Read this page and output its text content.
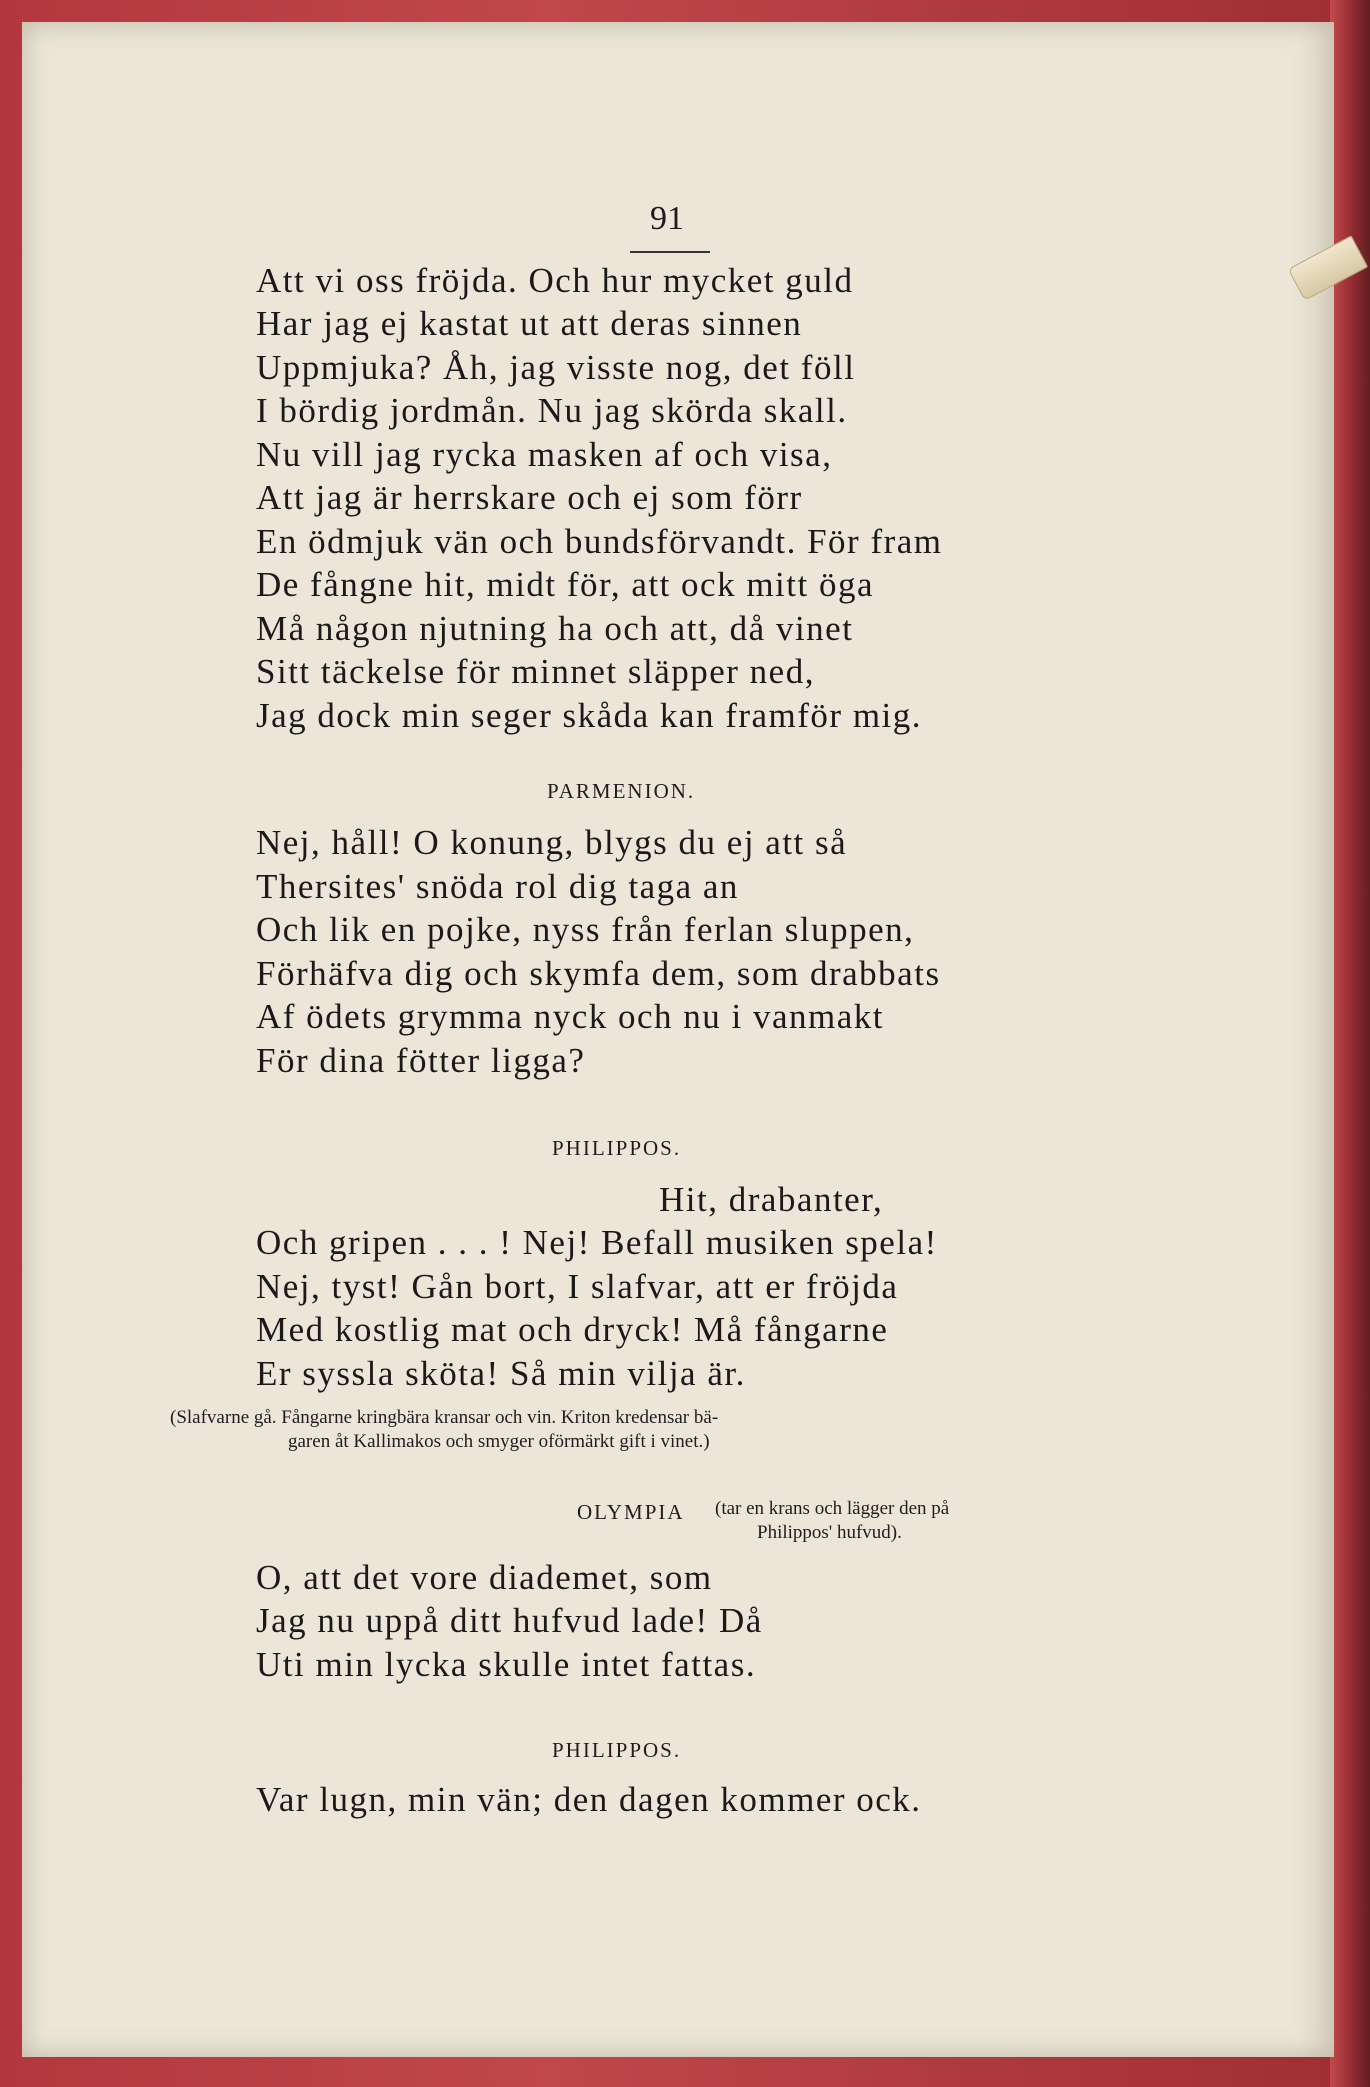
91
Att vi oss fröjda. Och hur mycket guld
Har jag ej kastat ut att deras sinnen
Uppmjuka? Åh, jag visste nog, det föll
I bördig jordmån. Nu jag skörda skall.
Nu vill jag rycka masken af och visa,
Att jag är herrskare och ej som förr
En ödmjuk vän och bundsförvandt. För fram
De fångne hit, midt för, att ock mitt öga
Må någon njutning ha och att, då vinet
Sitt täckelse för minnet släpper ned,
Jag dock min seger skåda kan framför mig.
PARMENION.
Nej, håll! O konung, blygs du ej att så
Thersites' snöda rol dig taga an
Och lik en pojke, nyss från ferlan sluppen,
Förhäfva dig och skymfa dem, som drabbats
Af ödets grymma nyck och nu i vanmakt
För dina fötter ligga?
PHILIPPOS.
Hit, drabanter,
Och gripen . . . ! Nej! Befall musiken spela!
Nej, tyst! Gån bort, I slafvar, att er fröjda
Med kostlig mat och dryck! Må fångarne
Er syssla sköta! Så min vilja är.
(Slafvarne gå. Fångarne kringbära kransar och vin. Kriton kredensar bä-
garen åt Kallimakos och smyger oförmärkt gift i vinet.)
OLYMPIA (tar en krans och lägger den på
Philippos' hufvud).
O, att det vore diademet, som
Jag nu uppå ditt hufvud lade! Då
Uti min lycka skulle intet fattas.
PHILIPPOS.
Var lugn, min vän; den dagen kommer ock.
